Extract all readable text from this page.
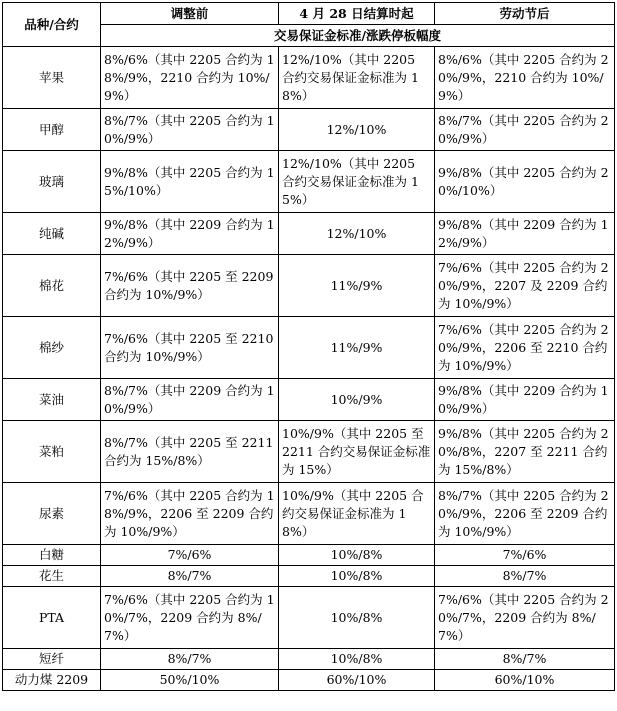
品种/合约	调整前	4 月 28 日结算时起	劳动节后
	交易保证金标准/涨跌停板幅度		
苹果	8%/6%（其中 2205 合约为 18%/9%，2210 合约为 10%/9%）	12%/10%（其中 2205 合约交易保证金标准为 18%）	8%/6%（其中 2205 合约为 20%/9%，2210 合约为 10%/9%）
甲醇	8%/7%（其中 2205 合约为 10%/9%）	12%/10%	8%/7%（其中 2205 合约为 20%/9%）
玻璃	9%/8%（其中 2205 合约为 15%/10%）	12%/10%（其中 2205 合约交易保证金标准为 15%）	9%/8%（其中 2205 合约为 20%/10%）
纯碱	9%/8%（其中 2209 合约为 12%/9%）	12%/10%	9%/8%（其中 2209 合约为 12%/9%）
棉花	7%/6%（其中 2205 至 2209 合约为 10%/9%）	11%/9%	7%/6%（其中 2205 合约为 20%/9%，2207 及 2209 合约为 10%/9%）
棉纱	7%/6%（其中 2205 至 2210 合约为 10%/9%）	11%/9%	7%/6%（其中 2205 合约为 20%/9%，2206 至 2210 合约为 10%/9%）
菜油	8%/7%（其中 2209 合约为 10%/9%）	10%/9%	9%/8%（其中 2209 合约为 10%/9%）
菜粕	8%/7%（其中 2205 至 2211 合约为 15%/8%）	10%/9%（其中 2205 至 2211 合约交易保证金标准为 15%）	9%/8%（其中 2205 合约为 20%/8%，2207 至 2211 合约为 15%/8%）
尿素	7%/6%（其中 2205 合约为 18%/9%，2206 至 2209 合约为 10%/9%）	10%/9%（其中 2205 合约交易保证金标准为 18%）	8%/7%（其中 2205 合约为 20%/9%，2206 至 2209 合约为 10%/9%）
白糖	7%/6%	10%/8%	7%/6%
花生	8%/7%	10%/8%	8%/7%
PTA	7%/6%（其中 2205 合约为 10%/7%，2209 合约为 8%/7%）	10%/8%	7%/6%（其中 2205 合约为 20%/7%，2209 合约为 8%/7%）
短纤	8%/7%	10%/8%	8%/7%
动力煤 2209	50%/10%	60%/10%	60%/10%
